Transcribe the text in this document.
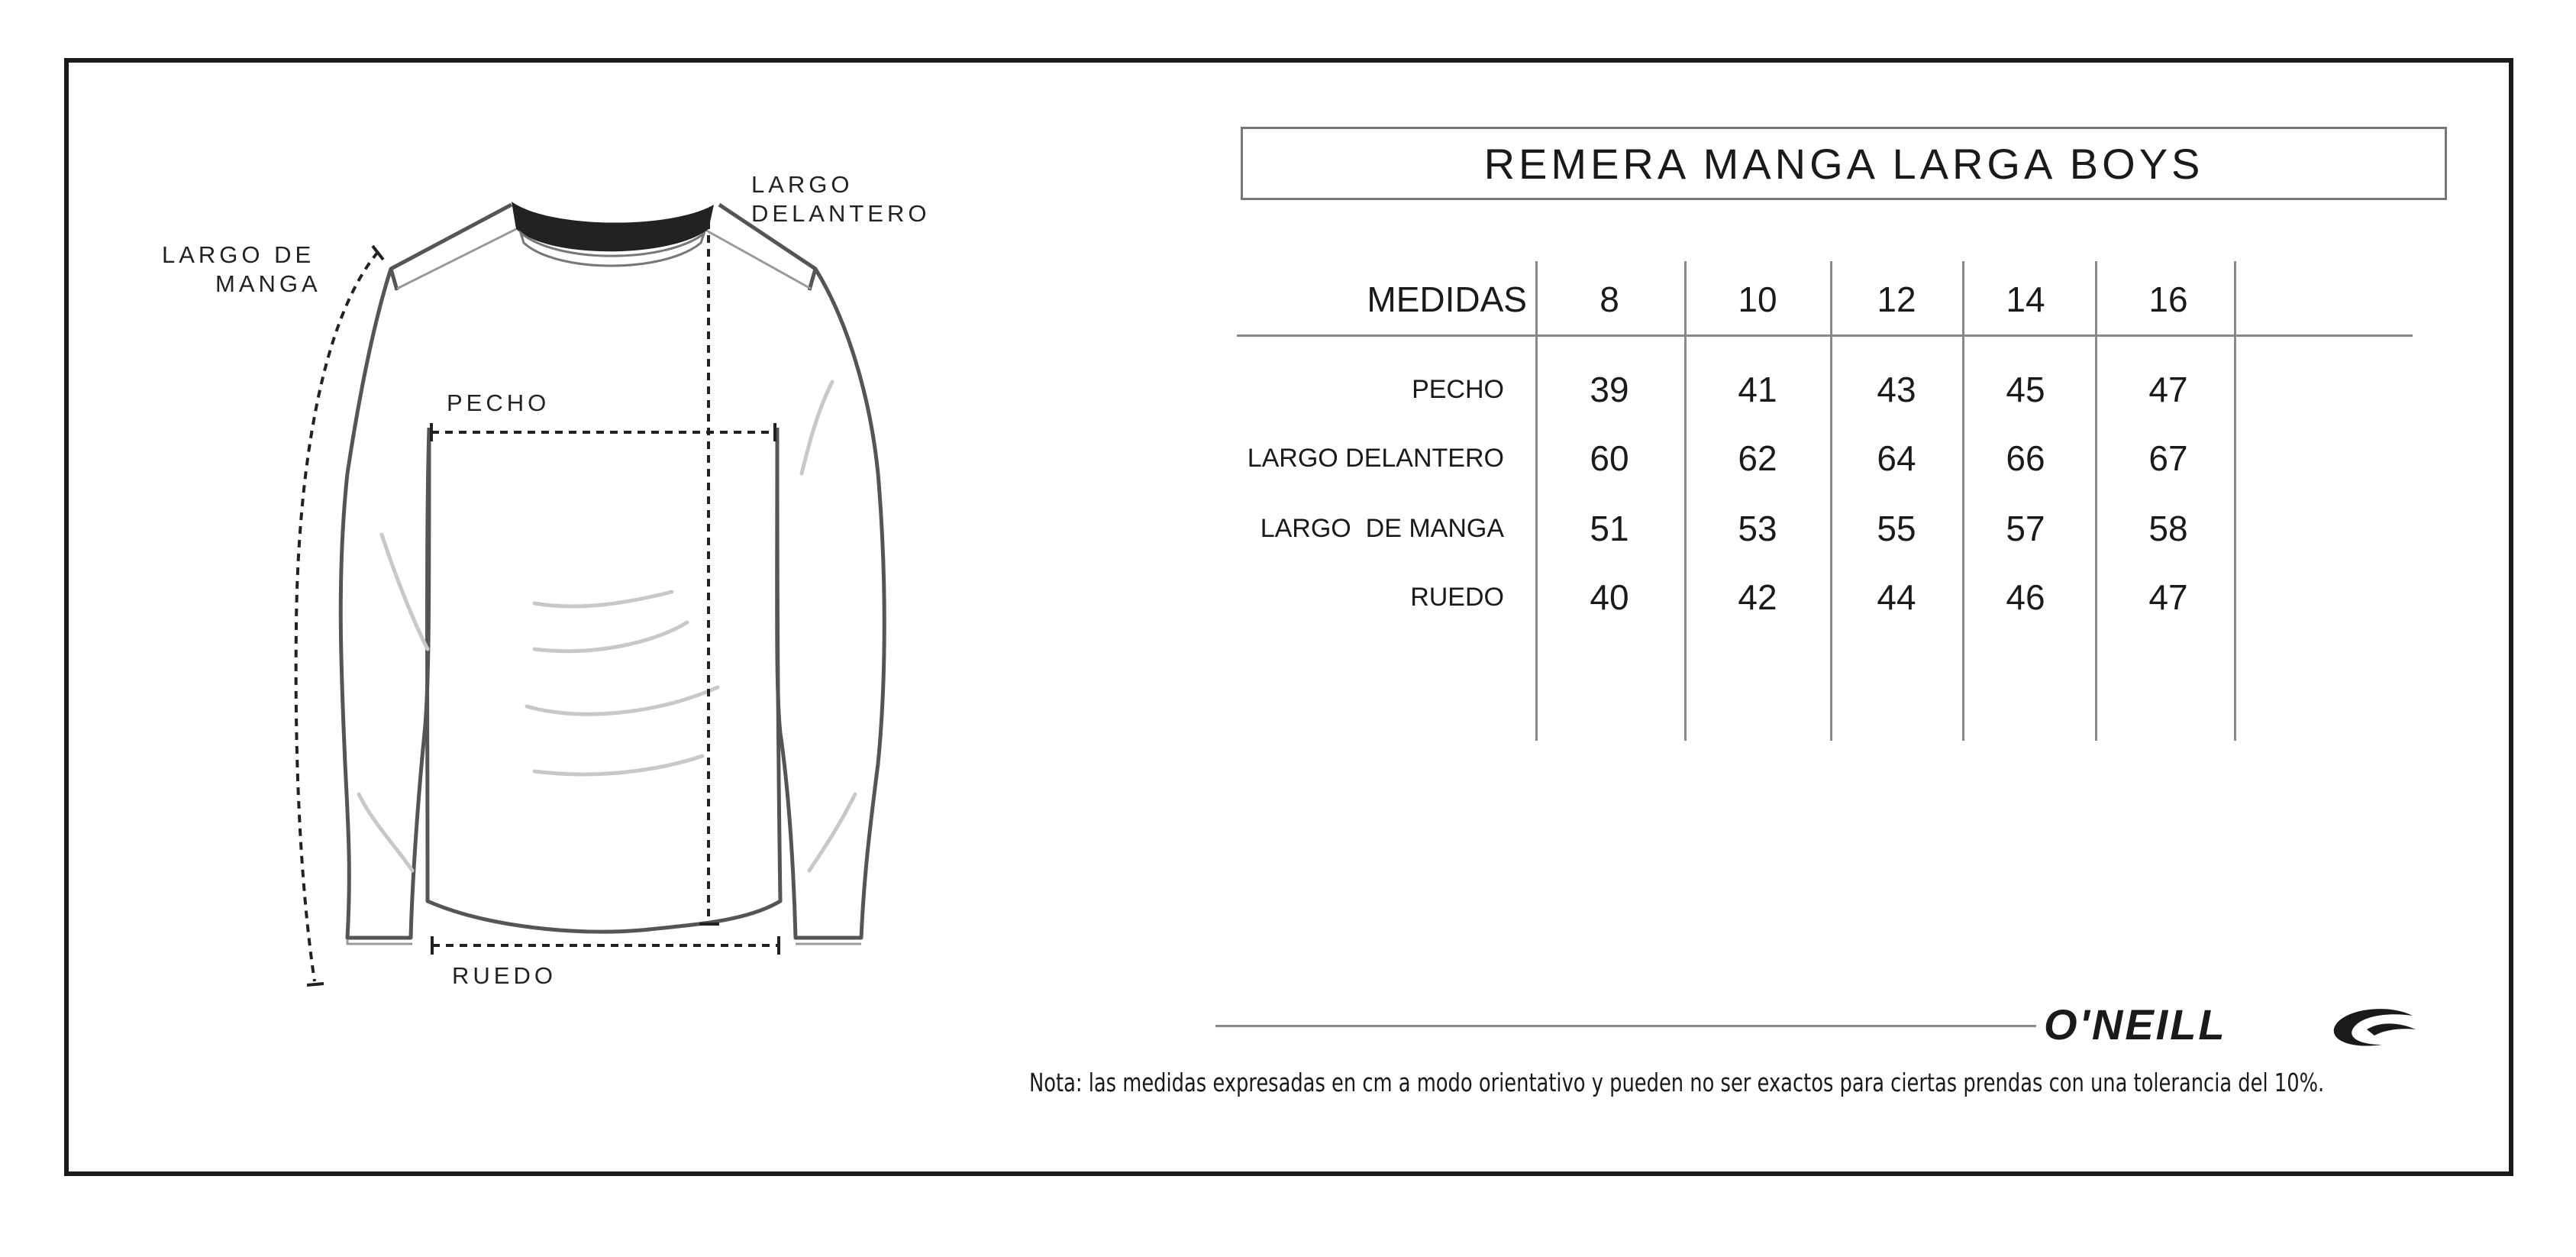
LARGO DE
MANGA
LARGO
DELANTERO
PECHO
RUEDO
REMERA MANGA LARGA BOYS
MEDIDAS	8	10	12	14	16
PECHO	39	41	43	45	47
LARGO DELANTERO	60	62	64	66	67
LARGO  DE MANGA	51	53	55	57	58
RUEDO	40	42	44	46	47
O'NEILL
Nota: las medidas expresadas en cm a modo orientativo y pueden no ser exactos para ciertas prendas con una tolerancia del 10%.
